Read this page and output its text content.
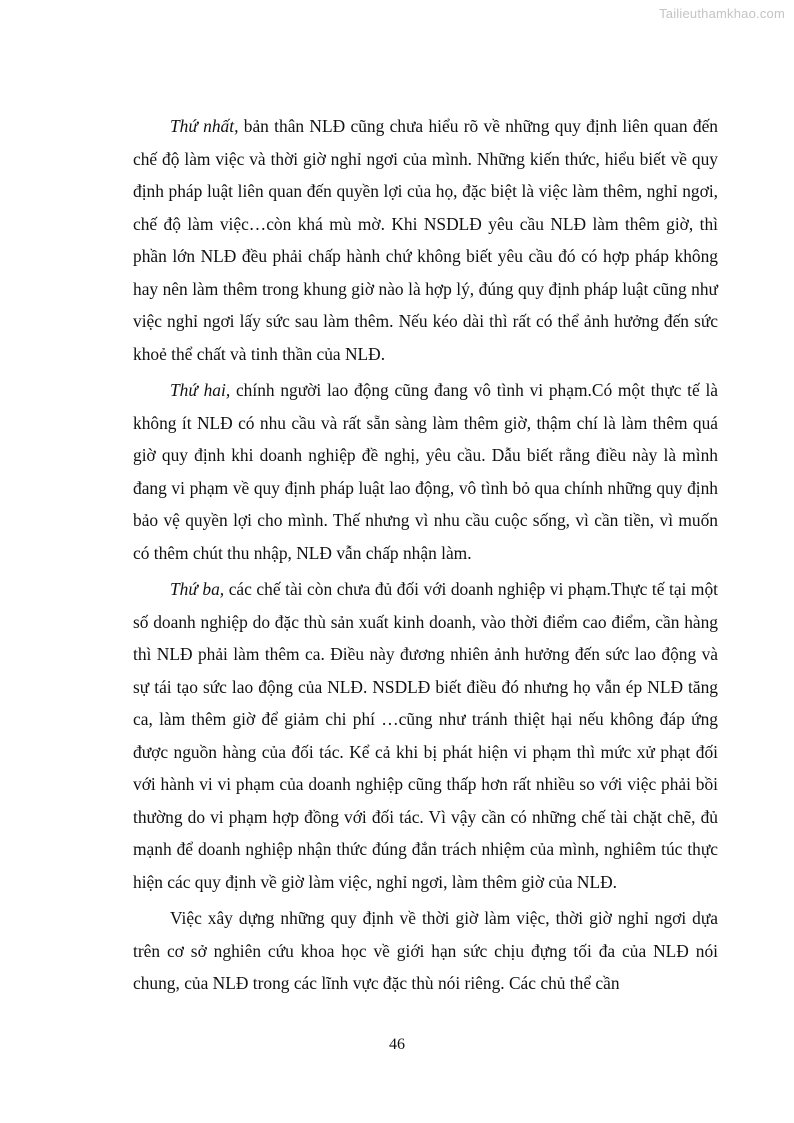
Tailieuthamkhao.com

Thứ nhất, bản thân NLĐ cũng chưa hiểu rõ về những quy định liên quan đến chế độ làm việc và thời giờ nghỉ ngơi của mình. Những kiến thức, hiểu biết về quy định pháp luật liên quan đến quyền lợi của họ, đặc biệt là việc làm thêm, nghỉ ngơi, chế độ làm việc…còn khá mù mờ. Khi NSDLĐ yêu cầu NLĐ làm thêm giờ, thì phần lớn NLĐ đều phải chấp hành chứ không biết yêu cầu đó có hợp pháp không hay nên làm thêm trong khung giờ nào là hợp lý, đúng quy định pháp luật cũng như việc nghỉ ngơi lấy sức sau làm thêm. Nếu kéo dài thì rất có thể ảnh hưởng đến sức khoẻ thể chất và tinh thần của NLĐ.

Thứ hai, chính người lao động cũng đang vô tình vi phạm.Có một thực tế là không ít NLĐ có nhu cầu và rất sẵn sàng làm thêm giờ, thậm chí là làm thêm quá giờ quy định khi doanh nghiệp đề nghị, yêu cầu. Dẫu biết rằng điều này là mình đang vi phạm về quy định pháp luật lao động, vô tình bỏ qua chính những quy định bảo vệ quyền lợi cho mình. Thế nhưng vì nhu cầu cuộc sống, vì cần tiền, vì muốn có thêm chút thu nhập, NLĐ vẫn chấp nhận làm.

Thứ ba, các chế tài còn chưa đủ đối với doanh nghiệp vi phạm.Thực tế tại một số doanh nghiệp do đặc thù sản xuất kinh doanh, vào thời điểm cao điểm, cần hàng thì NLĐ phải làm thêm ca. Điều này đương nhiên ảnh hưởng đến sức lao động và sự tái tạo sức lao động của NLĐ. NSDLĐ biết điều đó nhưng họ vẫn ép NLĐ tăng ca, làm thêm giờ để giảm chi phí …cũng như tránh thiệt hại nếu không đáp ứng được nguồn hàng của đối tác. Kể cả khi bị phát hiện vi phạm thì mức xử phạt đối với hành vi vi phạm của doanh nghiệp cũng thấp hơn rất nhiều so với việc phải bồi thường do vi phạm hợp đồng với đối tác. Vì vậy cần có những chế tài chặt chẽ, đủ mạnh để doanh nghiệp nhận thức đúng đắn trách nhiệm của mình, nghiêm túc thực hiện các quy định về giờ làm việc, nghỉ ngơi, làm thêm giờ của NLĐ.

Việc xây dựng những quy định về thời giờ làm việc, thời giờ nghỉ ngơi dựa trên cơ sở nghiên cứu khoa học về giới hạn sức chịu đựng tối đa của NLĐ nói chung, của NLĐ trong các lĩnh vực đặc thù nói riêng. Các chủ thể cần

46
